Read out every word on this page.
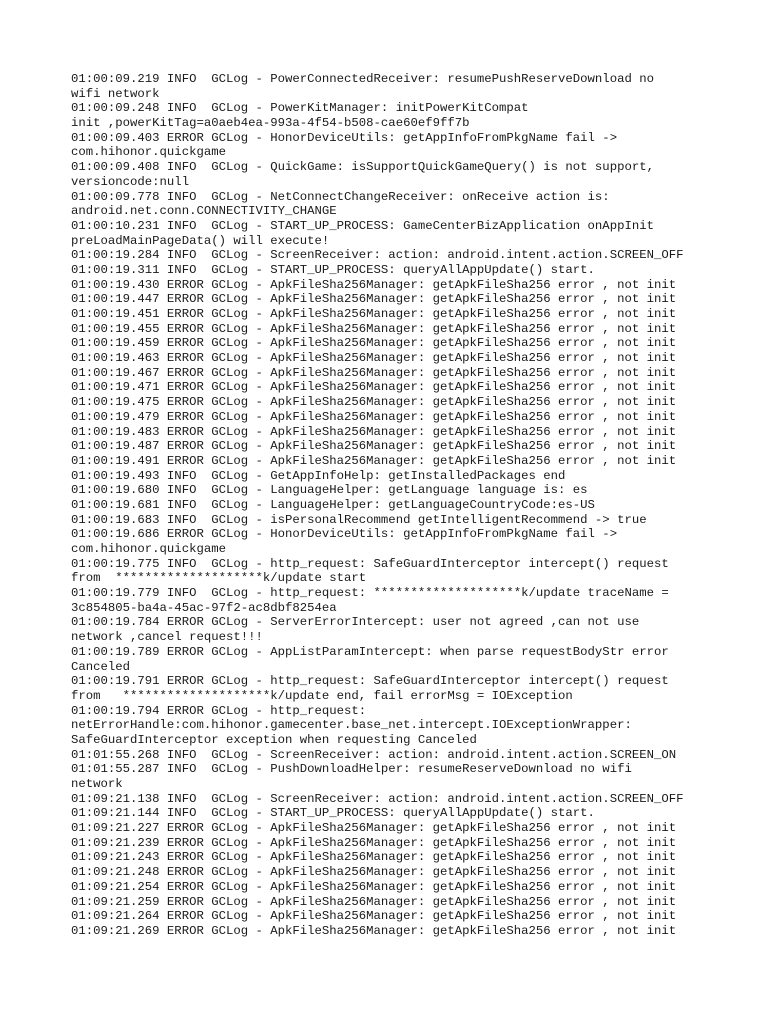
01:00:09.219 INFO  GCLog - PowerConnectedReceiver: resumePushReserveDownload no
wifi network
01:00:09.248 INFO  GCLog - PowerKitManager: initPowerKitCompat
init ,powerKitTag=a0aeb4ea-993a-4f54-b508-cae60ef9ff7b
01:00:09.403 ERROR GCLog - HonorDeviceUtils: getAppInfoFromPkgName fail ->
com.hihonor.quickgame
01:00:09.408 INFO  GCLog - QuickGame: isSupportQuickGameQuery() is not support,
versioncode:null
01:00:09.778 INFO  GCLog - NetConnectChangeReceiver: onReceive action is:
android.net.conn.CONNECTIVITY_CHANGE
01:00:10.231 INFO  GCLog - START_UP_PROCESS: GameCenterBizApplication onAppInit
preLoadMainPageData() will execute!
01:00:19.284 INFO  GCLog - ScreenReceiver: action: android.intent.action.SCREEN_OFF
01:00:19.311 INFO  GCLog - START_UP_PROCESS: queryAllAppUpdate() start.
01:00:19.430 ERROR GCLog - ApkFileSha256Manager: getApkFileSha256 error , not init
01:00:19.447 ERROR GCLog - ApkFileSha256Manager: getApkFileSha256 error , not init
01:00:19.451 ERROR GCLog - ApkFileSha256Manager: getApkFileSha256 error , not init
01:00:19.455 ERROR GCLog - ApkFileSha256Manager: getApkFileSha256 error , not init
01:00:19.459 ERROR GCLog - ApkFileSha256Manager: getApkFileSha256 error , not init
01:00:19.463 ERROR GCLog - ApkFileSha256Manager: getApkFileSha256 error , not init
01:00:19.467 ERROR GCLog - ApkFileSha256Manager: getApkFileSha256 error , not init
01:00:19.471 ERROR GCLog - ApkFileSha256Manager: getApkFileSha256 error , not init
01:00:19.475 ERROR GCLog - ApkFileSha256Manager: getApkFileSha256 error , not init
01:00:19.479 ERROR GCLog - ApkFileSha256Manager: getApkFileSha256 error , not init
01:00:19.483 ERROR GCLog - ApkFileSha256Manager: getApkFileSha256 error , not init
01:00:19.487 ERROR GCLog - ApkFileSha256Manager: getApkFileSha256 error , not init
01:00:19.491 ERROR GCLog - ApkFileSha256Manager: getApkFileSha256 error , not init
01:00:19.493 INFO  GCLog - GetAppInfoHelp: getInstalledPackages end
01:00:19.680 INFO  GCLog - LanguageHelper: getLanguage language is: es
01:00:19.681 INFO  GCLog - LanguageHelper: getLanguageCountryCode:es-US
01:00:19.683 INFO  GCLog - isPersonalRecommend getIntelligentRecommend -> true
01:00:19.686 ERROR GCLog - HonorDeviceUtils: getAppInfoFromPkgName fail ->
com.hihonor.quickgame
01:00:19.775 INFO  GCLog - http_request: SafeGuardInterceptor intercept() request
from  ********************k/update start
01:00:19.779 INFO  GCLog - http_request: ********************k/update traceName =
3c854805-ba4a-45ac-97f2-ac8dbf8254ea
01:00:19.784 ERROR GCLog - ServerErrorIntercept: user not agreed ,can not use
network ,cancel request!!!
01:00:19.789 ERROR GCLog - AppListParamIntercept: when parse requestBodyStr error
Canceled
01:00:19.791 ERROR GCLog - http_request: SafeGuardInterceptor intercept() request
from   ********************k/update end, fail errorMsg = IOException
01:00:19.794 ERROR GCLog - http_request:
netErrorHandle:com.hihonor.gamecenter.base_net.intercept.IOExceptionWrapper:
SafeGuardInterceptor exception when requesting Canceled
01:01:55.268 INFO  GCLog - ScreenReceiver: action: android.intent.action.SCREEN_ON
01:01:55.287 INFO  GCLog - PushDownloadHelper: resumeReserveDownload no wifi
network
01:09:21.138 INFO  GCLog - ScreenReceiver: action: android.intent.action.SCREEN_OFF
01:09:21.144 INFO  GCLog - START_UP_PROCESS: queryAllAppUpdate() start.
01:09:21.227 ERROR GCLog - ApkFileSha256Manager: getApkFileSha256 error , not init
01:09:21.239 ERROR GCLog - ApkFileSha256Manager: getApkFileSha256 error , not init
01:09:21.243 ERROR GCLog - ApkFileSha256Manager: getApkFileSha256 error , not init
01:09:21.248 ERROR GCLog - ApkFileSha256Manager: getApkFileSha256 error , not init
01:09:21.254 ERROR GCLog - ApkFileSha256Manager: getApkFileSha256 error , not init
01:09:21.259 ERROR GCLog - ApkFileSha256Manager: getApkFileSha256 error , not init
01:09:21.264 ERROR GCLog - ApkFileSha256Manager: getApkFileSha256 error , not init
01:09:21.269 ERROR GCLog - ApkFileSha256Manager: getApkFileSha256 error , not init
